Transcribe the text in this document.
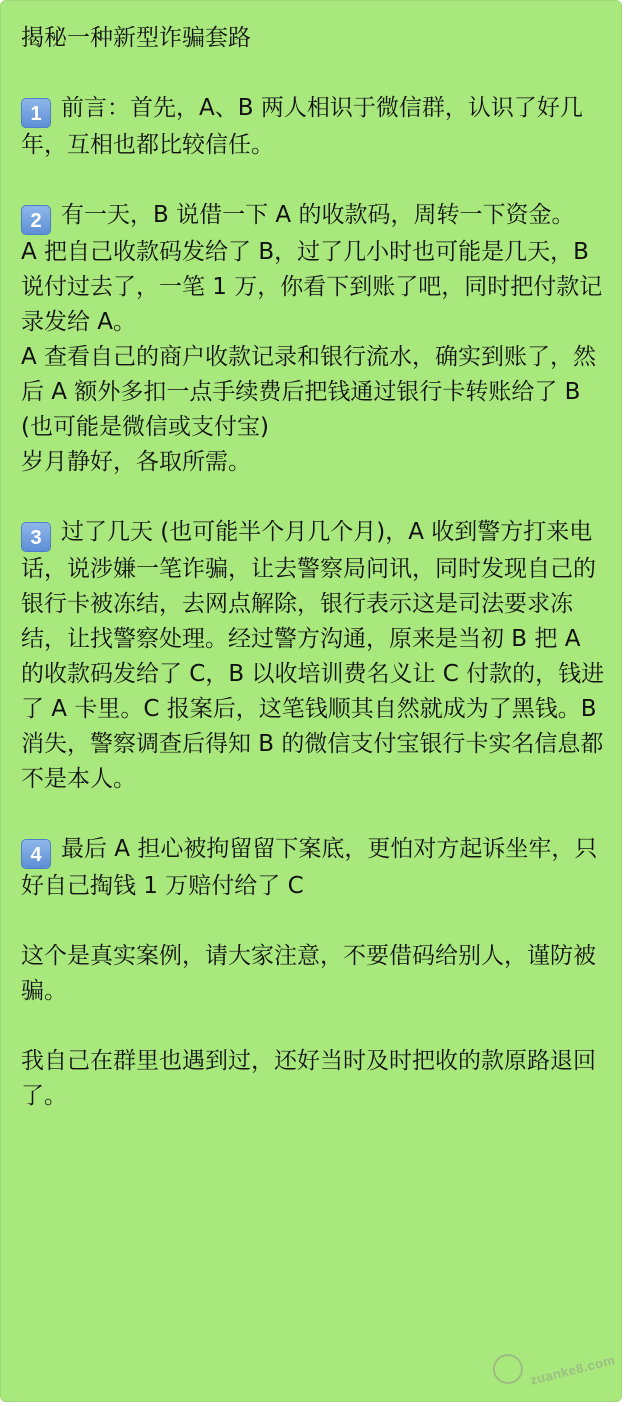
揭秘一种新型诈骗套路

1 前言：首先，A、B 两人相识于微信群，认识了好几年，互相也都比较信任。

2 有一天，B 说借一下 A 的收款码，周转一下资金。

A 把自己收款码发给了 B，过了几小时也可能是几天，B 说付过去了，一笔 1 万，你看下到账了吧，同时把付款记录发给 A。

A 查看自己的商户收款记录和银行流水，确实到账了，然后 A 额外多扣一点手续费后把钱通过银行卡转账给了 B (也可能是微信或支付宝)

岁月静好，各取所需。

3 过了几天 (也可能半个月几个月)，A 收到警方打来电话，说涉嫌一笔诈骗，让去警察局问讯，同时发现自己的银行卡被冻结，去网点解除，银行表示这是司法要求冻结，让找警察处理。经过警方沟通，原来是当初 B 把 A 的收款码发给了 C，B 以收培训费名义让 C 付款的，钱进了 A 卡里。C 报案后，这笔钱顺其自然就成为了黑钱。B 消失，警察调查后得知 B 的微信支付宝银行卡实名信息都不是本人。

4 最后 A 担心被拘留留下案底，更怕对方起诉坐牢，只好自己掏钱 1 万赔付给了 C

这个是真实案例，请大家注意，不要借码给别人，谨防被骗。

我自己在群里也遇到过，还好当时及时把收的款原路退回了。

zuanke8.com
